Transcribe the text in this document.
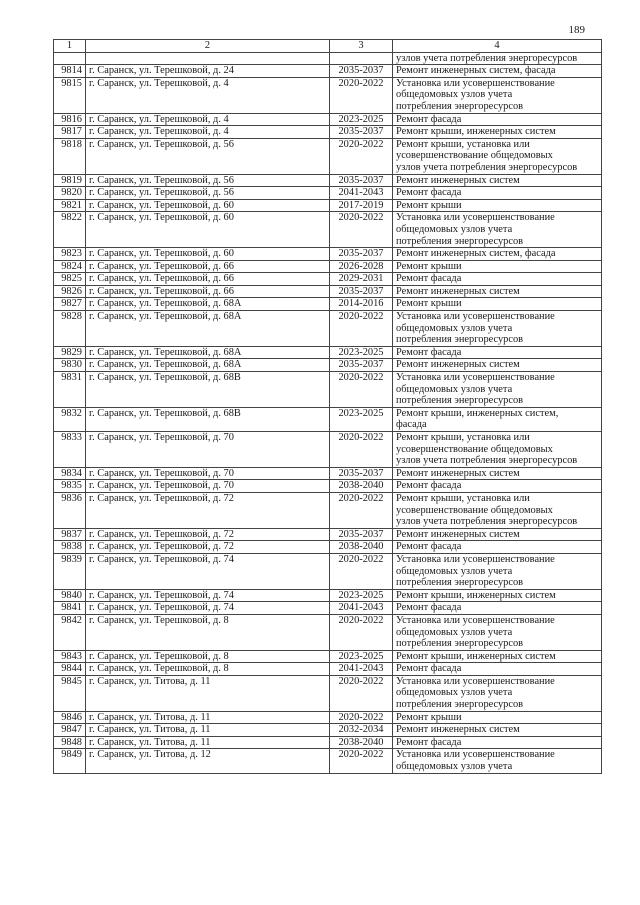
189
1	2	3	4
			узлов учета потребления энергоресурсов
9814	г. Саранск, ул. Терешковой, д. 24	2035-2037	Ремонт инженерных систем, фасада

9815	г. Саранск, ул. Терешковой, д. 4	2020-2022	Установка или усовершенствование
общедомовых узлов учета
потребления энергоресурсов

9816	г. Саранск, ул. Терешковой, д. 4	2023-2025	Ремонт фасада

9817	г. Саранск, ул. Терешковой, д. 4	2035-2037	Ремонт крыши, инженерных систем

9818	г. Саранск, ул. Терешковой, д. 56	2020-2022	Ремонт крыши, установка или
усовершенствование общедомовых
узлов учета потребления энергоресурсов

9819	г. Саранск, ул. Терешковой, д. 56	2035-2037	Ремонт инженерных систем

9820	г. Саранск, ул. Терешковой, д. 56	2041-2043	Ремонт фасада

9821	г. Саранск, ул. Терешковой, д. 60	2017-2019	Ремонт крыши

9822	г. Саранск, ул. Терешковой, д. 60	2020-2022	Установка или усовершенствование
общедомовых узлов учета
потребления энергоресурсов

9823	г. Саранск, ул. Терешковой, д. 60	2035-2037	Ремонт инженерных систем, фасада

9824	г. Саранск, ул. Терешковой, д. 66	2026-2028	Ремонт крыши

9825	г. Саранск, ул. Терешковой, д. 66	2029-2031	Ремонт фасада

9826	г. Саранск, ул. Терешковой, д. 66	2035-2037	Ремонт инженерных систем

9827	г. Саранск, ул. Терешковой, д. 68А	2014-2016	Ремонт крыши

9828	г. Саранск, ул. Терешковой, д. 68А	2020-2022	Установка или усовершенствование
общедомовых узлов учета
потребления энергоресурсов

9829	г. Саранск, ул. Терешковой, д. 68А	2023-2025	Ремонт фасада

9830	г. Саранск, ул. Терешковой, д. 68А	2035-2037	Ремонт инженерных систем

9831	г. Саранск, ул. Терешковой, д. 68В	2020-2022	Установка или усовершенствование
общедомовых узлов учета
потребления энергоресурсов

9832	г. Саранск, ул. Терешковой, д. 68В	2023-2025	Ремонт крыши, инженерных систем,
фасада

9833	г. Саранск, ул. Терешковой, д. 70	2020-2022	Ремонт крыши, установка или
усовершенствование общедомовых
узлов учета потребления энергоресурсов

9834	г. Саранск, ул. Терешковой, д. 70	2035-2037	Ремонт инженерных систем

9835	г. Саранск, ул. Терешковой, д. 70	2038-2040	Ремонт фасада

9836	г. Саранск, ул. Терешковой, д. 72	2020-2022	Ремонт крыши, установка или
усовершенствование общедомовых
узлов учета потребления энергоресурсов

9837	г. Саранск, ул. Терешковой, д. 72	2035-2037	Ремонт инженерных систем

9838	г. Саранск, ул. Терешковой, д. 72	2038-2040	Ремонт фасада

9839	г. Саранск, ул. Терешковой, д. 74	2020-2022	Установка или усовершенствование
общедомовых узлов учета
потребления энергоресурсов

9840	г. Саранск, ул. Терешковой, д. 74	2023-2025	Ремонт крыши, инженерных систем

9841	г. Саранск, ул. Терешковой, д. 74	2041-2043	Ремонт фасада

9842	г. Саранск, ул. Терешковой, д. 8	2020-2022	Установка или усовершенствование
общедомовых узлов учета
потребления энергоресурсов

9843	г. Саранск, ул. Терешковой, д. 8	2023-2025	Ремонт крыши, инженерных систем

9844	г. Саранск, ул. Терешковой, д. 8	2041-2043	Ремонт фасада

9845	г. Саранск, ул. Титова, д. 11	2020-2022	Установка или усовершенствование
общедомовых узлов учета
потребления энергоресурсов

9846	г. Саранск, ул. Титова, д. 11	2020-2022	Ремонт крыши

9847	г. Саранск, ул. Титова, д. 11	2032-2034	Ремонт инженерных систем

9848	г. Саранск, ул. Титова, д. 11	2038-2040	Ремонт фасада

9849	г. Саранск, ул. Титова, д. 12	2020-2022	Установка или усовершенствование
общедомовых узлов учета
